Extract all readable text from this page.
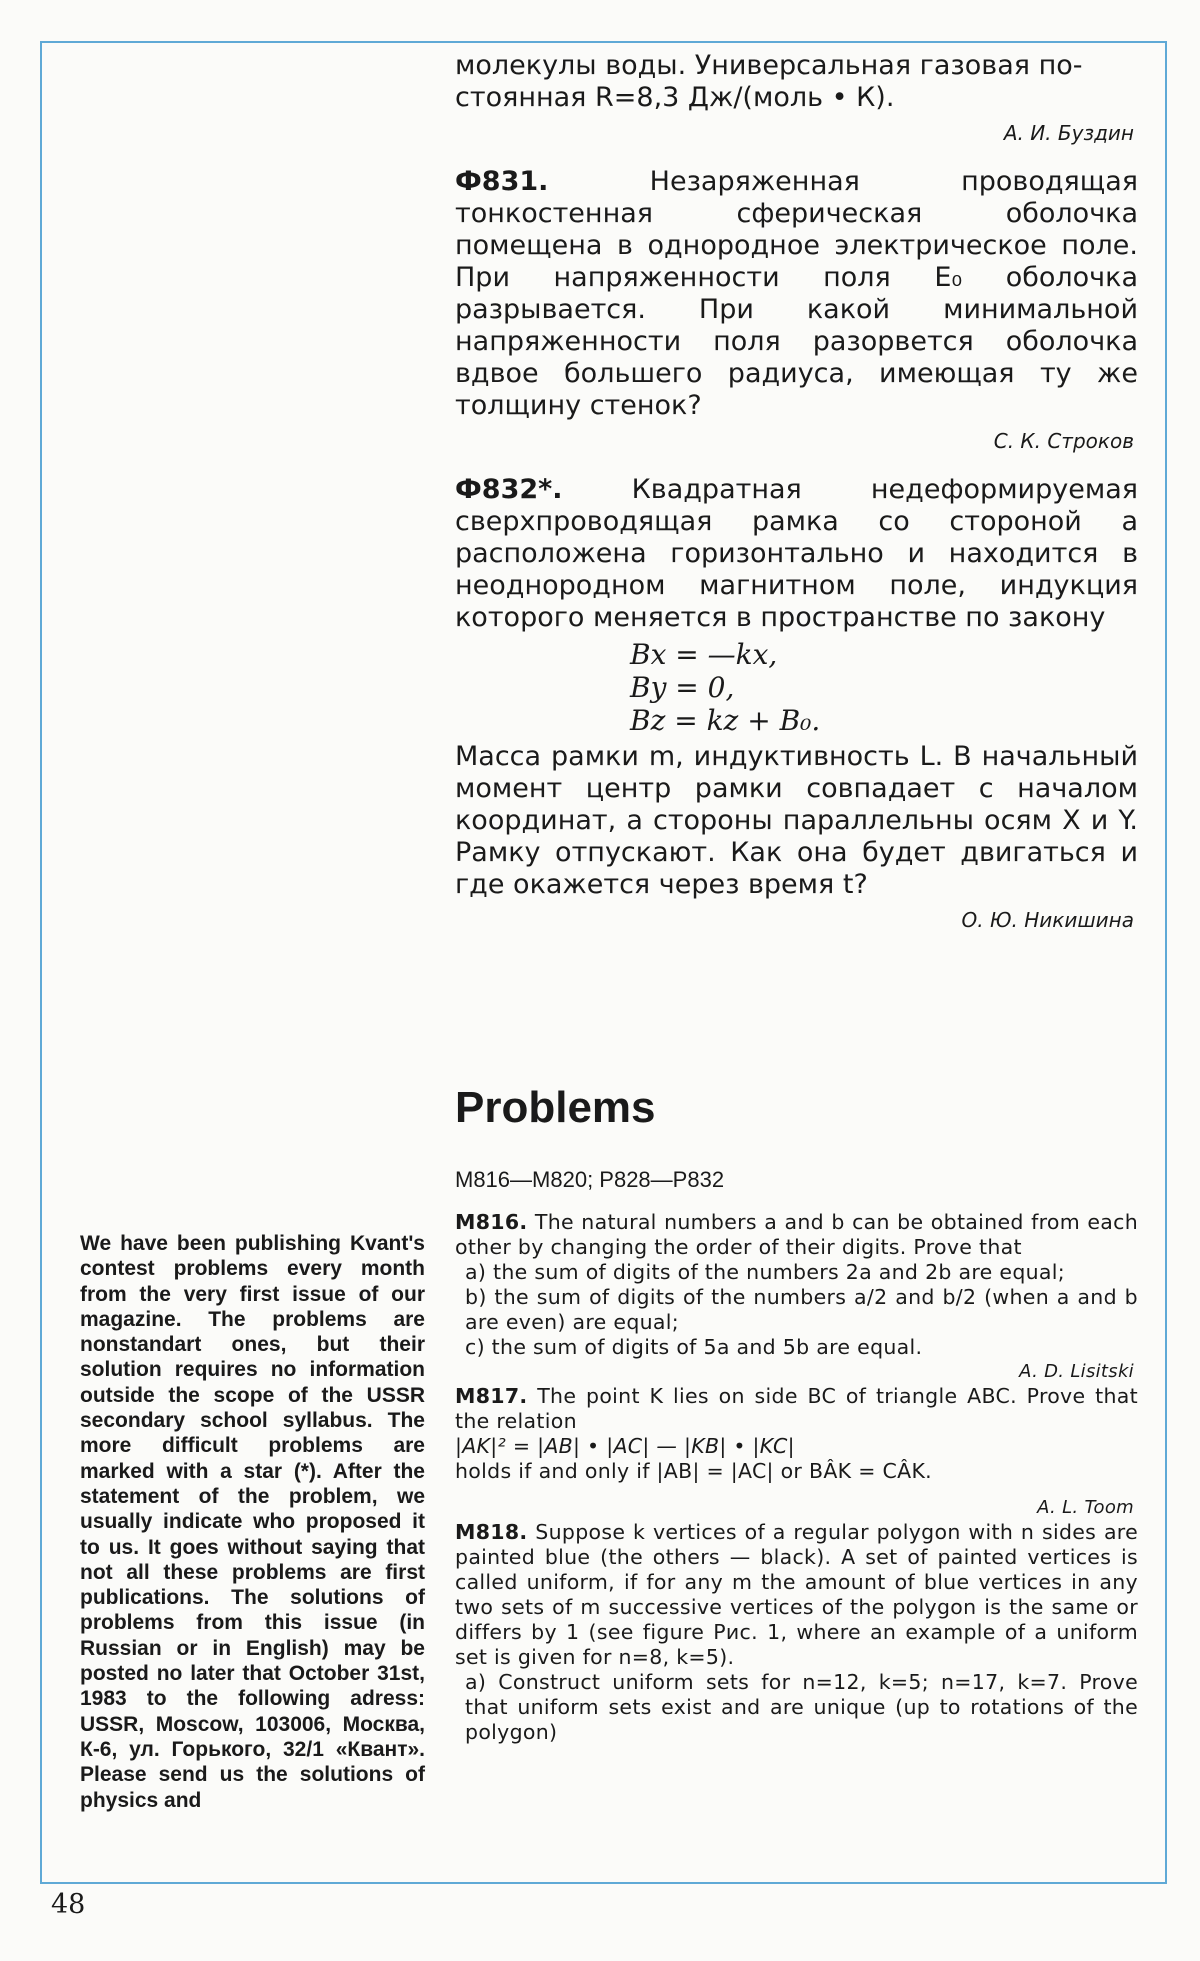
молекулы воды. Универсальная газовая по-

стоянная R=8,3 Дж/(моль • К).

А. И. Буздин

Ф831.	Незаряженная проводящая тонкостенная сферическая оболочка помещена в однородное электрическое поле. При напряженности поля E₀ оболочка разрывается. При какой минимальной напряженности поля разорвется оболочка вдвое большего радиуса, имеющая ту же толщину стенок?

С. К. Строков

Ф832*.	Квадратная недеформируемая сверхпроводящая рамка со стороной a расположена горизонтально и находится в неоднородном магнитном поле, индукция которого меняется в пространстве по закону

Bx = —kx,
By = 0,
Bz = kz + B₀.

Масса рамки m, индуктивность L. В начальный момент центр рамки совпадает с началом координат, а стороны параллельны осям X и Y. Рамку отпускают. Как она будет двигаться и где окажется через время t?

О. Ю. Никишина
Problems
M816—M820; P828—P832

M816. The natural numbers a and b can be obtained from each other by changing the order of their digits. Prove that

a) the sum of digits of the numbers 2a and 2b are equal;

b) the sum of digits of the numbers a/2 and b/2 (when a and b are even) are equal;

c) the sum of digits of 5a and 5b are equal.

A. D. Lisitski

M817. The point K lies on side BC of triangle ABC. Prove that the relation

|AK|² = |AB| • |AC| — |KB| • |KC|

holds if and only if |AB| = |AC| or BÂK = CÂK.

A. L. Toom

M818. Suppose k vertices of a regular polygon with n sides are painted blue (the others — black). A set of painted vertices is called uniform, if for any m the amount of blue vertices in any two sets of m successive vertices of the polygon is the same or differs by 1 (see figure Рис. 1, where an example of a uniform set is given for n=8, k=5).

a) Construct uniform sets for n=12, k=5; n=17, k=7. Prove that uniform sets exist and are unique (up to rotations of the polygon)

We have been publishing Kvant's contest problems every month from the very first issue of our magazine. The problems are nonstandart ones, but their solution requires no information outside the scope of the USSR secondary school syllabus. The more difficult problems are marked with a star (*). After the statement of the problem, we usually indicate who proposed it to us. It goes without saying that not all these problems are first publications. The solutions of problems from this issue (in Russian or in English) may be posted no later that October 31st, 1983 to the following adress: USSR, Moscow, 103006, Москва, К-6, ул. Горького, 32/1 «Квант». Please send us the solutions of physics and
48
